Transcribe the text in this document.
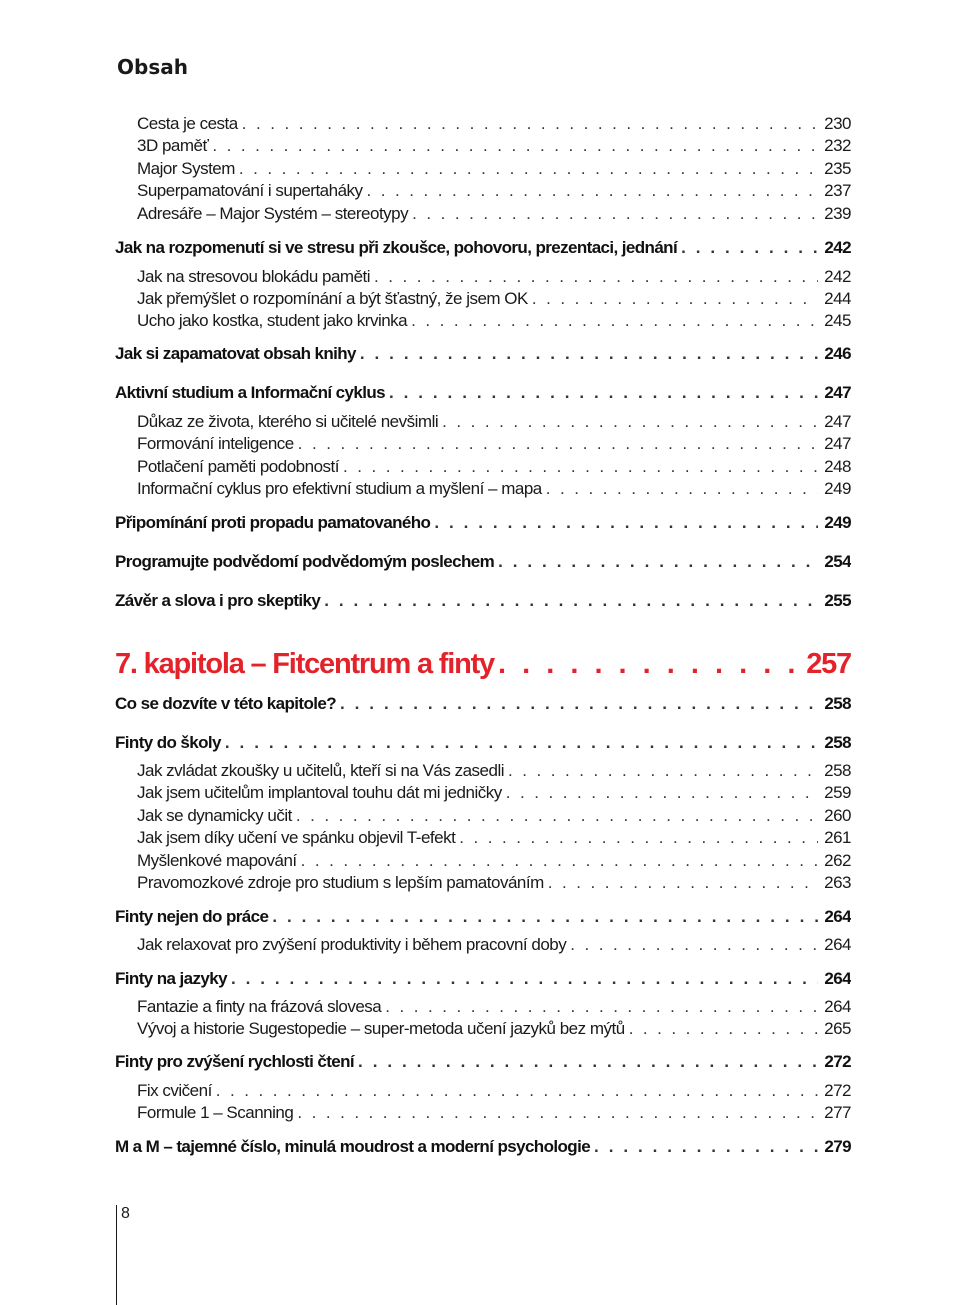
Obsah
Cesta je cesta . . .	230
3D paměť . . .	232
Major System . . .	235
Superpamatování i supertaháky . . .	237
Adresáře – Major Systém – stereotypy . . .	239
Jak na rozpomenutí si ve stresu při zkoušce, pohovoru, prezentaci, jednání . . .	242
Jak na stresovou blokádu paměti . . .	242
Jak přemýšlet o rozpomínání a být šťastný, že jsem OK . . .	244
Ucho jako kostka, student jako krvinka . . .	245
Jak si zapamatovat obsah knihy . . .	246
Aktivní studium a Informační cyklus . . .	247
Důkaz ze života, kterého si učitelé nevšimli . . .	247
Formování inteligence . . .	247
Potlačení paměti podobností . . .	248
Informační cyklus pro efektivní studium a myšlení – mapa . . .	249
Připomínání proti propadu pamatovaného . . .	249
Programujte podvědomí podvědomým poslechem . . .	254
Závěr a slova i pro skeptiky . . .	255
7. kapitola – Fitcentrum a finty . . .	257
Co se dozvíte v této kapitole? . . .	258
Finty do školy . . .	258
Jak zvládat zkoušky u učitelů, kteří si na Vás zasedli . . .	258
Jak jsem učitelům implantoval touhu dát mi jedničky . . .	259
Jak se dynamicky učit . . .	260
Jak jsem díky učení ve spánku objevil T-efekt . . .	261
Myšlenkové mapování . . .	262
Pravomozkové zdroje pro studium s lepším pamatováním . . .	263
Finty nejen do práce . . .	264
Jak relaxovat pro zvýšení produktivity i během pracovní doby . . .	264
Finty na jazyky . . .	264
Fantazie a finty na frázová slovesa . . .	264
Vývoj a historie Sugestopedie – super-metoda učení jazyků bez mýtů . . .	265
Finty pro zvýšení rychlosti čtení . . .	272
Fix cvičení . . .	272
Formule 1 – Scanning . . .	277
M a M – tajemné číslo, minulá moudrost a moderní psychologie . . .	279
8
